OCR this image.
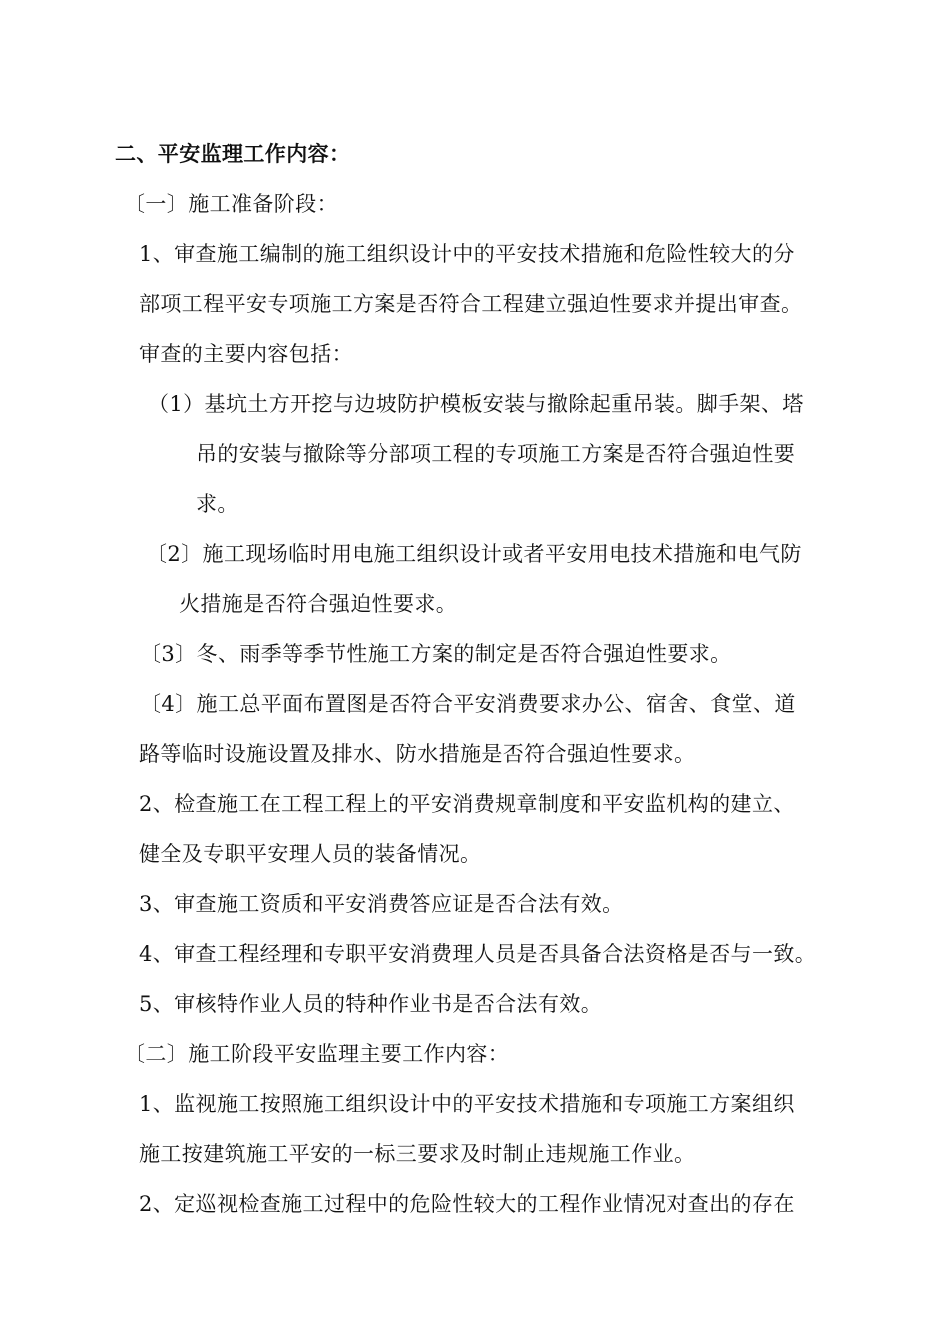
二、平安监理工作内容：
〔一〕施工准备阶段：
1、审查施工编制的施工组织设计中的平安技术措施和危险性较大的分
部项工程平安专项施工方案是否符合工程建立强迫性要求并提出审查。
审查的主要内容包括：
（1）基坑土方开挖与边坡防护模板安装与撤除起重吊装。脚手架、塔
吊的安装与撤除等分部项工程的专项施工方案是否符合强迫性要
求。
〔2〕施工现场临时用电施工组织设计或者平安用电技术措施和电气防
火措施是否符合强迫性要求。
〔3〕冬、雨季等季节性施工方案的制定是否符合强迫性要求。
〔4〕施工总平面布置图是否符合平安消费要求办公、宿舍、食堂、道
路等临时设施设置及排水、防水措施是否符合强迫性要求。
2、检查施工在工程工程上的平安消费规章制度和平安监机构的建立、
健全及专职平安理人员的装备情况。
3、审查施工资质和平安消费答应证是否合法有效。
4、审查工程经理和专职平安消费理人员是否具备合法资格是否与一致。
5、审核特作业人员的特种作业书是否合法有效。
〔二〕施工阶段平安监理主要工作内容：
1、监视施工按照施工组织设计中的平安技术措施和专项施工方案组织
施工按建筑施工平安的一标三要求及时制止违规施工作业。
2、定巡视检查施工过程中的危险性较大的工程作业情况对查出的存在
